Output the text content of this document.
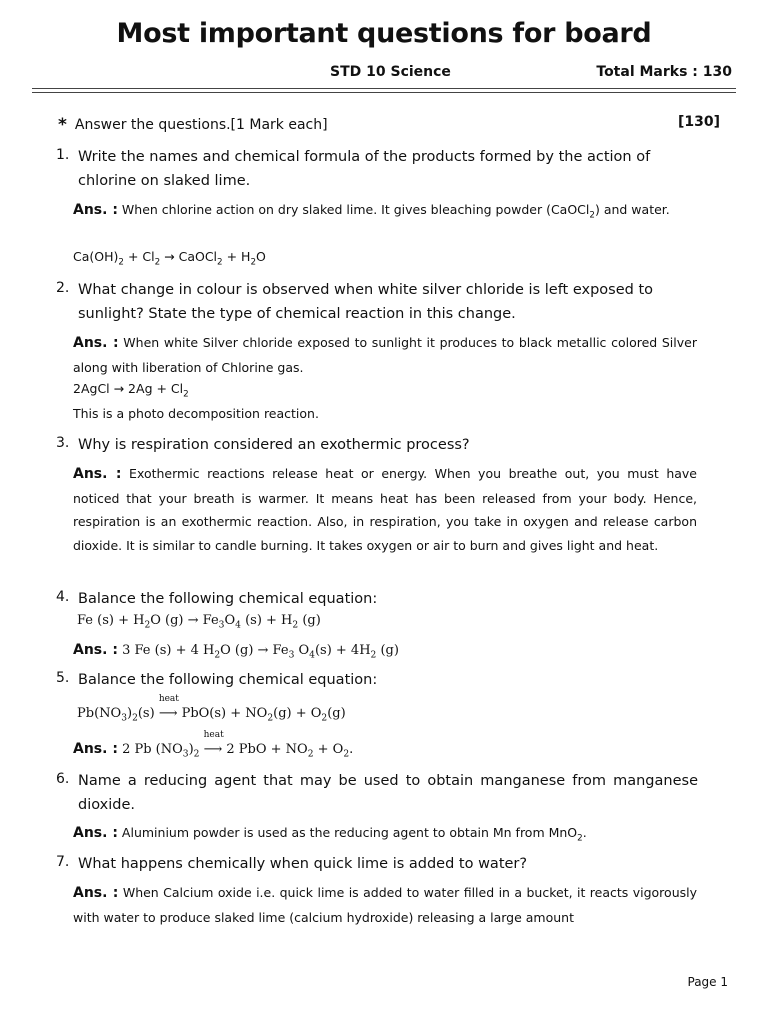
Most important questions for board
STD 10 Science	Total Marks : 130
* Answer the questions.[1 Mark each]	[130]
1. Write the names and chemical formula of the products formed by the action of chlorine on slaked lime.
Ans. : When chlorine action on dry slaked lime. It gives bleaching powder (CaOCl$_2$) and water.
$Ca(OH)_2 + Cl_2$ → CaOCl$_2$ + $H_2O$
2. What change in colour is observed when white silver chloride is left exposed to sunlight? State the type of chemical reaction in this change.
Ans. : When white Silver chloride exposed to sunlight it produces to black metallic colored Silver along with liberation of Chlorine gas.
2AgCl → $2Ag + Cl_2$
This is a photo decomposition reaction.
3. Why is respiration considered an exothermic process?
Ans. : Exothermic reactions release heat or energy. When you breathe out, you must have noticed that your breath is warmer. It means heat has been released from your body. Hence, respiration is an exothermic reaction. Also, in respiration, you take in oxygen and release carbon dioxide. It is similar to candle burning. It takes oxygen or air to burn and gives light and heat.
4. Balance the following chemical equation:
Fe $(s) + H_2O$ $(g) \to Fe_3O_4$ $(s) + H_2$ (g)
Ans. : 3 Fe (s) + 4 $H_2O$ $(g) \to Fe_3$ $O_4(s) + 4H_2$ (g)
5. Balance the following chemical equation:
$Pb(NO_3)_2(s)$
heat
⟶ $PbO(s) + NO_2(g) + O_2(g)$
Ans. : 2 Pb $(NO_3)_2$
heat
⟶ 2 PbO + $NO_2 + O_2$.
6. Name a reducing agent that may be used to obtain manganese from manganese dioxide.
Ans. : Aluminium powder is used as the reducing agent to obtain Mn from MnO$_2$.
7. What happens chemically when quick lime is added to water?
Ans. : When Calcium oxide i.e. quick lime is added to water filled in a bucket, it reacts vigorously with water to produce slaked lime (calcium hydroxide) releasing a large amount
Page 1
